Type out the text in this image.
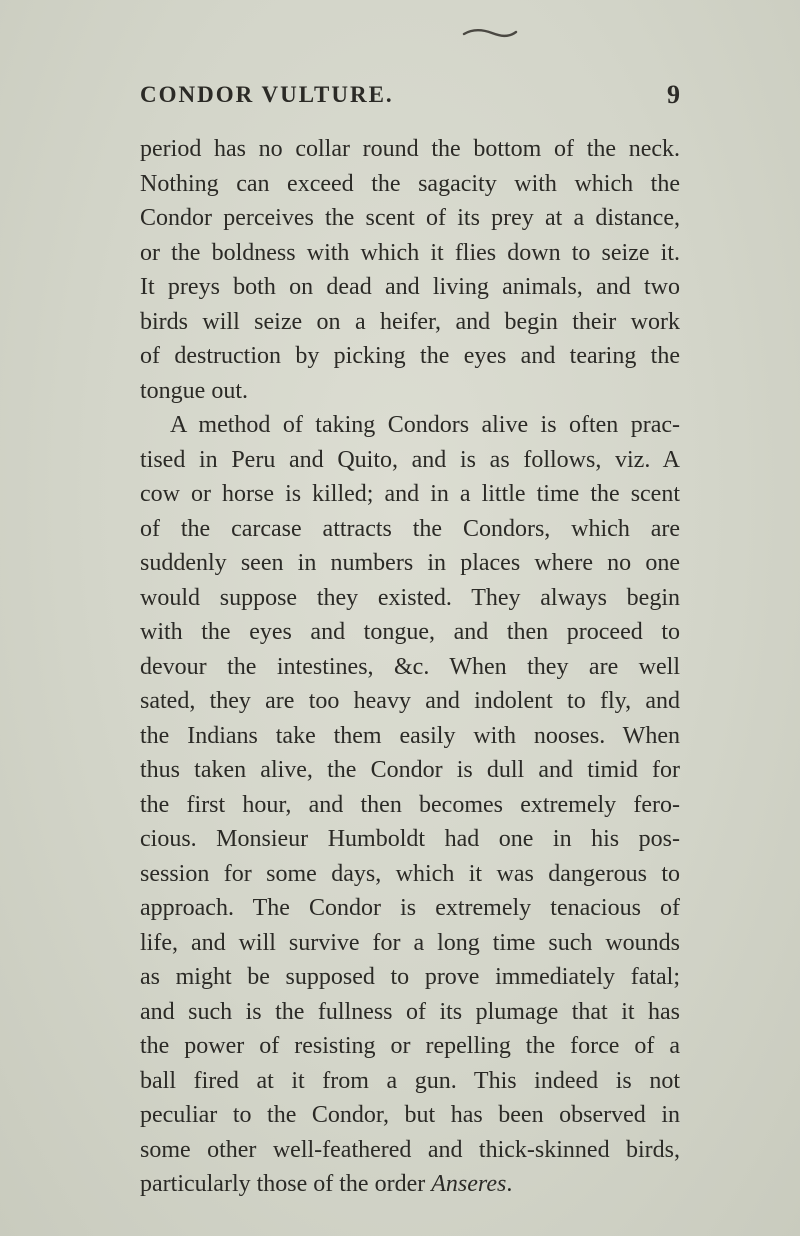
CONDOR VULTURE.	9
period has no collar round the bottom of the neck.
Nothing can exceed the sagacity with which the
Condor perceives the scent of its prey at a distance,
or the boldness with which it flies down to seize it.
It preys both on dead and living animals, and two
birds will seize on a heifer, and begin their work
of destruction by picking the eyes and tearing the
tongue out.
A method of taking Condors alive is often prac-
tised in Peru and Quito, and is as follows, viz. A
cow or horse is killed; and in a little time the scent
of the carcase attracts the Condors, which are
suddenly seen in numbers in places where no one
would suppose they existed. They always begin
with the eyes and tongue, and then proceed to
devour the intestines, &c. When they are well
sated, they are too heavy and indolent to fly, and
the Indians take them easily with nooses. When
thus taken alive, the Condor is dull and timid for
the first hour, and then becomes extremely fero-
cious. Monsieur Humboldt had one in his pos-
session for some days, which it was dangerous to
approach. The Condor is extremely tenacious of
life, and will survive for a long time such wounds
as might be supposed to prove immediately fatal;
and such is the fullness of its plumage that it has
the power of resisting or repelling the force of a
ball fired at it from a gun. This indeed is not
peculiar to the Condor, but has been observed in
some other well-feathered and thick-skinned birds,
particularly those of the order Anseres.
